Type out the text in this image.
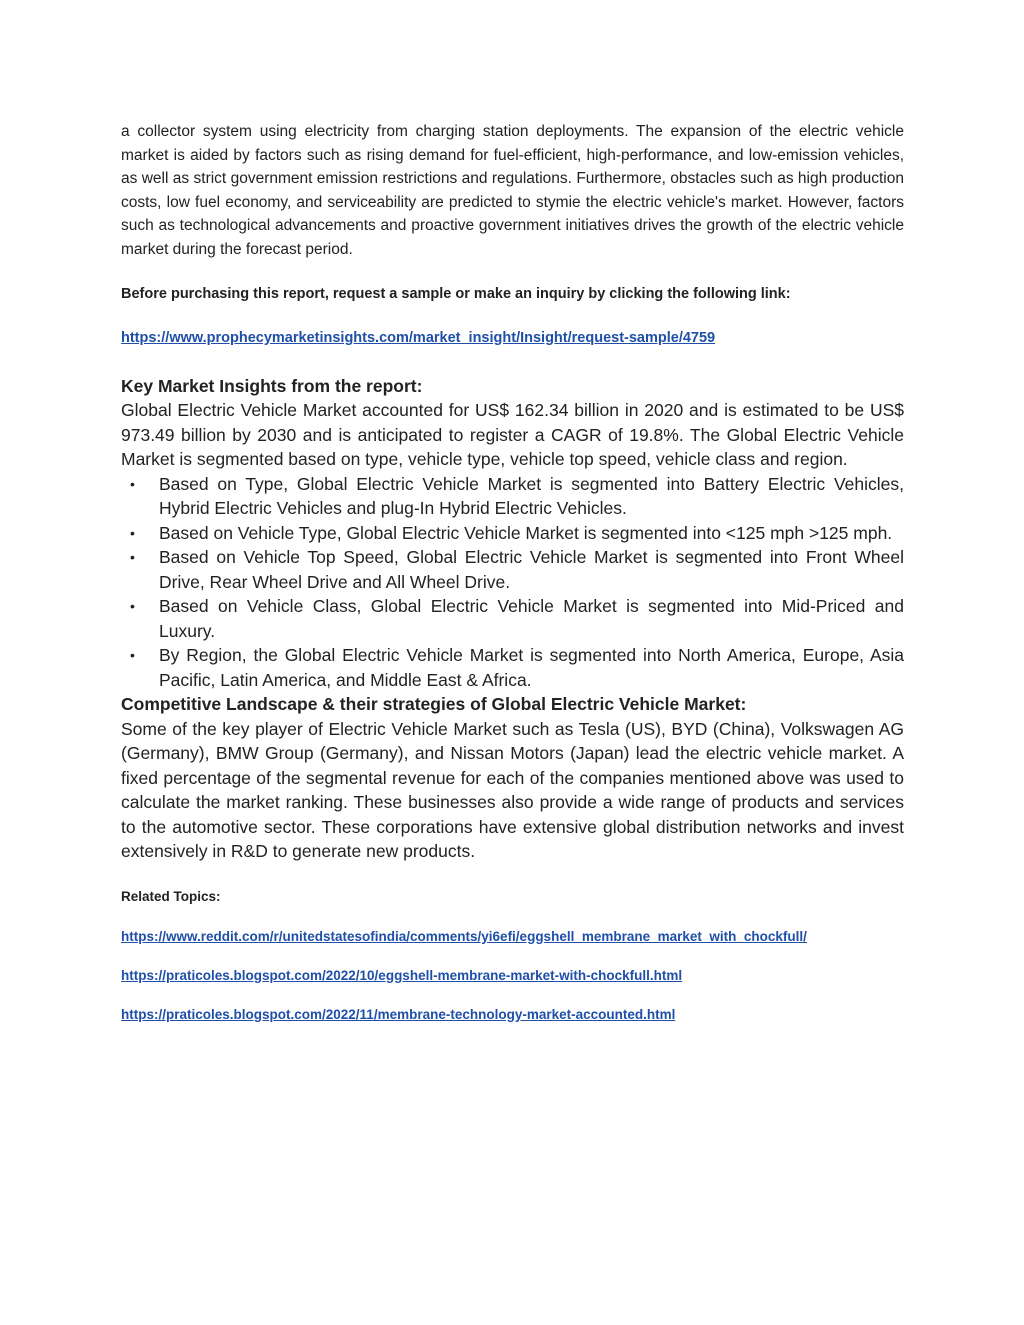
a collector system using electricity from charging station deployments. The expansion of the electric vehicle market is aided by factors such as rising demand for fuel-efficient, high-performance, and low-emission vehicles, as well as strict government emission restrictions and regulations. Furthermore, obstacles such as high production costs, low fuel economy, and serviceability are predicted to stymie the electric vehicle's market. However, factors such as technological advancements and proactive government initiatives drives the growth of the electric vehicle market during the forecast period.

Before purchasing this report, request a sample or make an inquiry by clicking the following link:

https://www.prophecymarketinsights.com/market_insight/Insight/request-sample/4759
Key Market Insights from the report:

Global Electric Vehicle Market accounted for US$ 162.34 billion in 2020 and is estimated to be US$ 973.49 billion by 2030 and is anticipated to register a CAGR of 19.8%. The Global Electric Vehicle Market is segmented based on type, vehicle type, vehicle top speed, vehicle class and region.

• Based on Type, Global Electric Vehicle Market is segmented into Battery Electric Vehicles, Hybrid Electric Vehicles and plug-In Hybrid Electric Vehicles.
• Based on Vehicle Type, Global Electric Vehicle Market is segmented into <125 mph >125 mph.
• Based on Vehicle Top Speed, Global Electric Vehicle Market is segmented into Front Wheel Drive, Rear Wheel Drive and All Wheel Drive.
• Based on Vehicle Class, Global Electric Vehicle Market is segmented into Mid-Priced and Luxury.
• By Region, the Global Electric Vehicle Market is segmented into North America, Europe, Asia Pacific, Latin America, and Middle East & Africa.
Competitive Landscape & their strategies of Global Electric Vehicle Market:

Some of the key player of Electric Vehicle Market such as Tesla (US), BYD (China), Volkswagen AG (Germany), BMW Group (Germany), and Nissan Motors (Japan) lead the electric vehicle market. A fixed percentage of the segmental revenue for each of the companies mentioned above was used to calculate the market ranking. These businesses also provide a wide range of products and services to the automotive sector. These corporations have extensive global distribution networks and invest extensively in R&D to generate new products.

Related Topics:
https://www.reddit.com/r/unitedstatesofindia/comments/yi6efi/eggshell_membrane_market_with_chockfull/
https://praticoles.blogspot.com/2022/10/eggshell-membrane-market-with-chockfull.html
https://praticoles.blogspot.com/2022/11/membrane-technology-market-accounted.html
